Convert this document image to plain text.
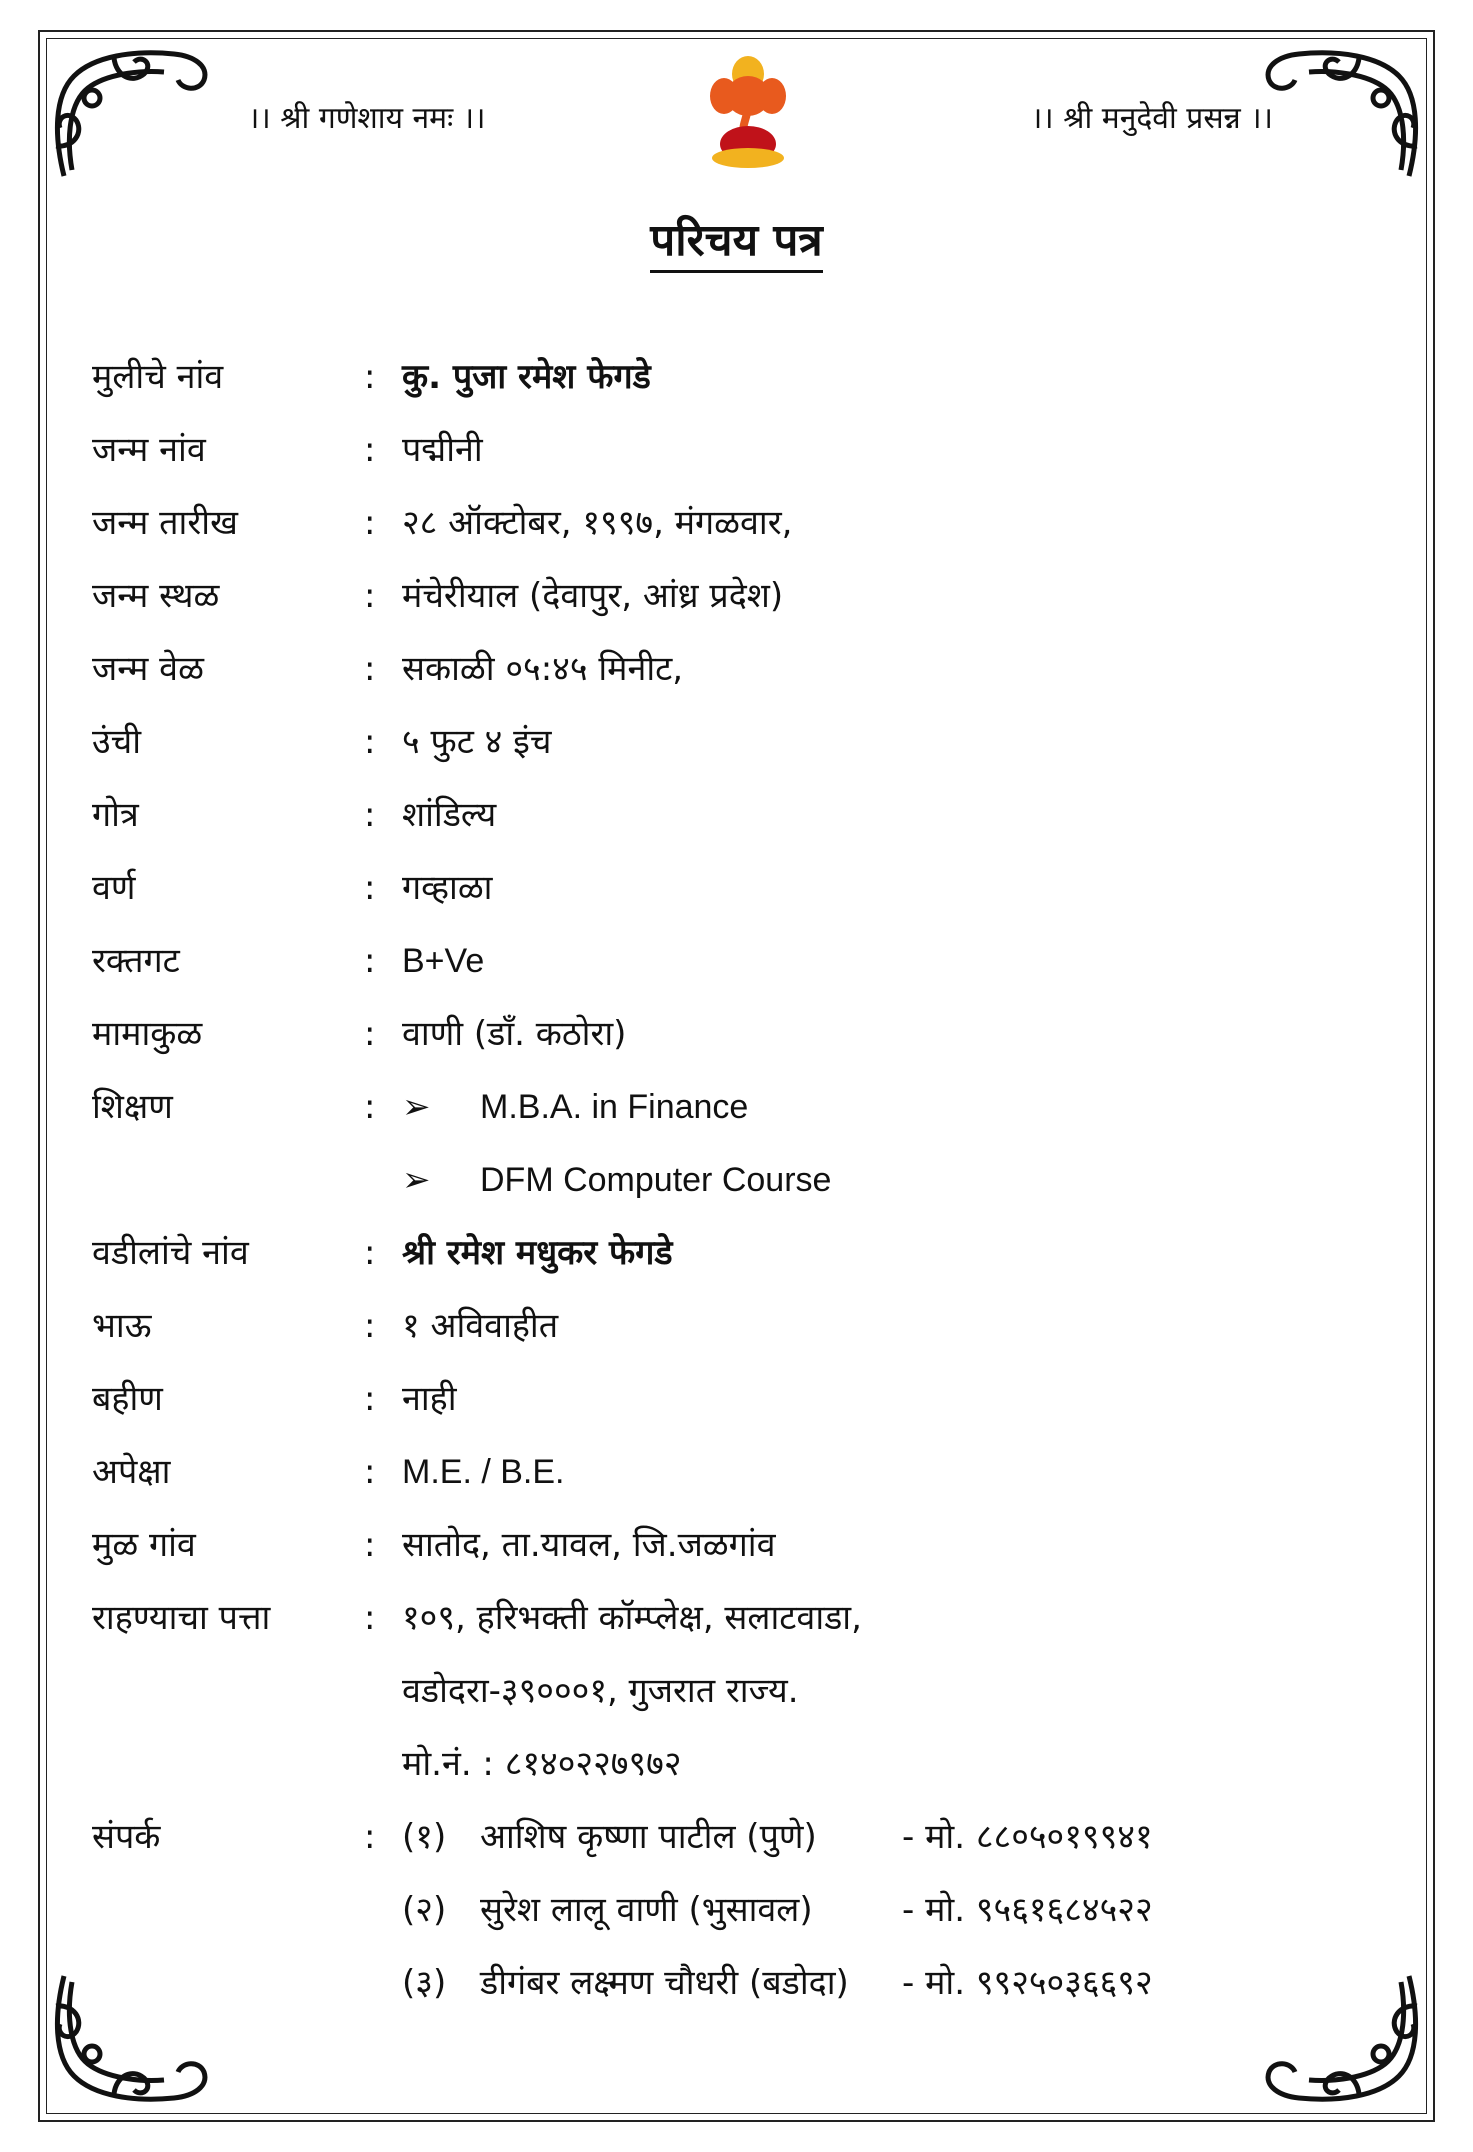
।। श्री गणेशाय नमः ।।	।। श्री मनुदेवी प्रसन्न ।।
परिचय पत्र
मुलीचे नांव	: कु. पुजा रमेश फेगडे
जन्म नांव	: पद्मीनी
जन्म तारीख	: २८ ऑक्टोबर, १९९७, मंगळवार,
जन्म स्थळ	: मंचेरीयाल (देवापुर, आंध्र प्रदेश)
जन्म वेळ	: सकाळी ०५:४५ मिनीट,
उंची	: ५ फुट ४ इंच
गोत्र	: शांडिल्य
वर्ण	: गव्हाळा
रक्तगट	: B+Ve
मामाकुळ	: वाणी (डॉं. कठोरा)
शिक्षण	: ➢ M.B.A. in Finance
➢ DFM Computer Course
वडीलांचे नांव	: श्री रमेश मधुकर फेगडे
भाऊ	: १ अविवाहीत
बहीण	: नाही
अपेक्षा	: M.E. / B.E.
मुळ गांव	: सातोद, ता.यावल, जि.जळगांव
राहण्याचा पत्ता	: १०९, हरिभक्ती कॉम्प्लेक्ष, सलाटवाडा,
वडोदरा-३९०००१, गुजरात राज्य.
मो.नं. : ८१४०२२७९७२
संपर्क	: (१) आशिष कृष्णा पाटील (पुणे)	- मो. ८८०५०१९९४१
(२) सुरेश लालू वाणी (भुसावल)	- मो. ९५६१६८४५२२
(३) डीगंबर लक्ष्मण चौधरी (बडोदा) - मो. ९९२५०३६६९२
